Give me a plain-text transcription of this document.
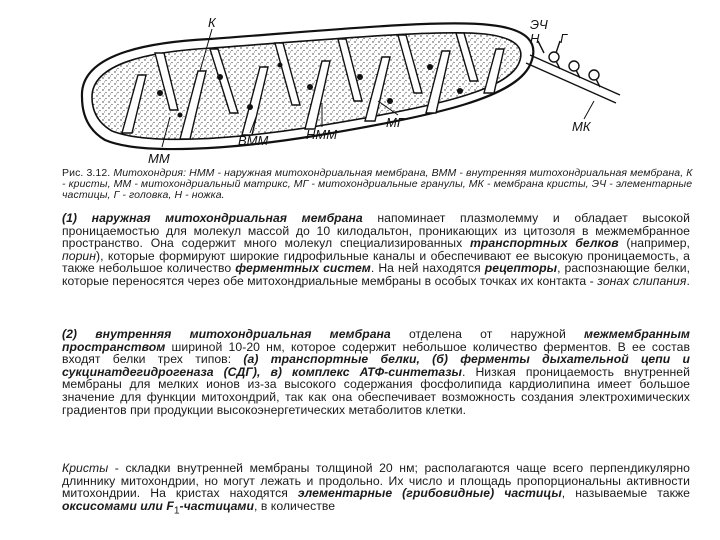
К	ЭЧ
Н Г
ММ
ВММ	НММ
МГ	МК
Рис. 3.12. Митохондрия: НММ - наружная митохондриальная мембрана, ВММ - внутренняя митохондриальная мембрана, К - кристы, ММ - митохондриальный матрикс, МГ - митохондриальные гранулы, МК - мембрана кристы, ЭЧ - элементарные частицы, Г - головка, Н - ножка.
(1) наружная митохондриальная мембрана напоминает плазмолемму и обладает высокой проницаемостью для молекул массой до 10 килодальтон, проникающих из цитозоля в межмембранное пространство. Она содержит много молекул специализированных транспортных белков (например, порин), которые формируют широкие гидрофильные каналы и обеспечивают ее высокую проницаемость, а также небольшое количество ферментных систем. На ней находятся рецепторы, распознающие белки, которые переносятся через обе митохондриальные мембраны в особых точках их контакта - зонах слипания.
(2) внутренняя митохондриальная мембрана отделена от наружной межмембранным пространством шириной 10-20 нм, которое содержит небольшое количество ферментов. В ее состав входят белки трех типов: (а) транспортные белки, (б) ферменты дыхательной цепи и сукцинатдегидрогеназа (СДГ), в) комплекс АТФ-синтетазы. Низкая проницаемость внутренней мембраны для мелких ионов из-за высокого содержания фосфолипида кардиолипина имеет большое значение для функции митохондрий, так как она обеспечивает возможность создания электрохимических градиентов при продукции высокоэнергетических метаболитов клетки.
Кристы - складки внутренней мембраны толщиной 20 нм; располагаются чаще всего перпендикулярно длиннику митохондрии, но могут лежать и продольно. Их число и площадь пропорциональны активности митохондрии. На кристах находятся элементарные (грибовидные) частицы, называемые также оксисомами или $F_1$-частицами, в количестве
